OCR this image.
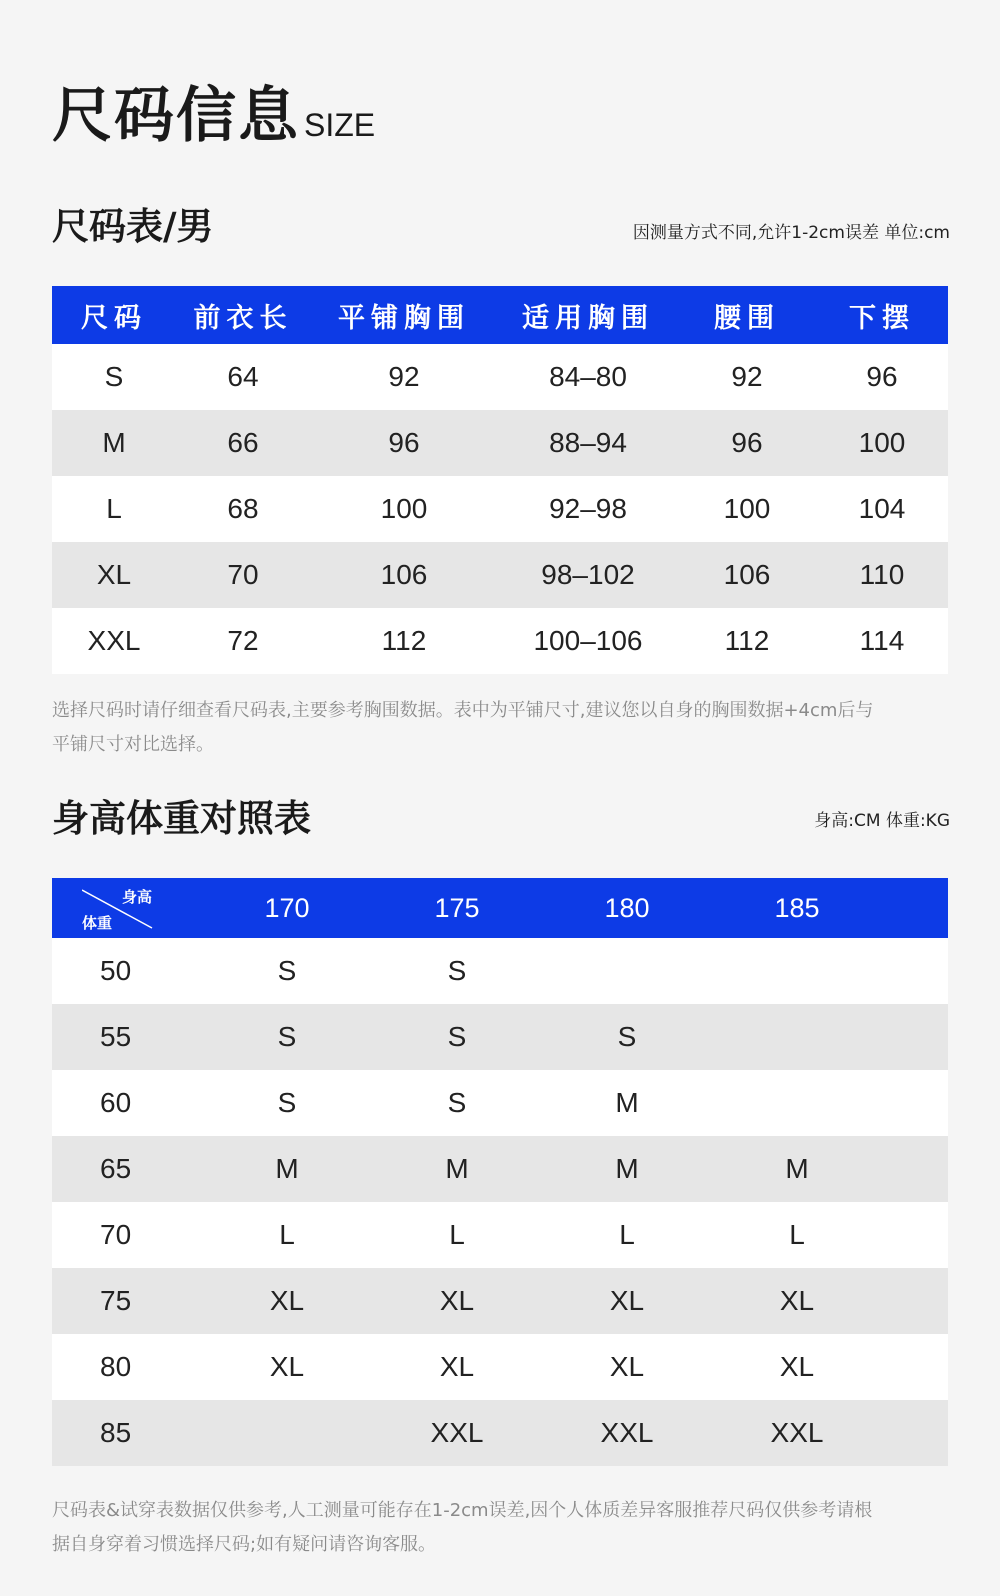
尺码信息 SIZE
尺码表/男	因测量方式不同,允许1-2cm误差 单位:cm
尺码	前衣长	平铺胸围	适用胸围	腰围	下摆
S	64	92	84–80	92	96
M	66	96	88–94	96	100
L	68	100	92–98	100	104
XL	70	106	98–102	106	110
XXL	72	112	100–106	112	114
选择尺码时请仔细查看尺码表,主要参考胸围数据。表中为平铺尺寸,建议您以自身的胸围数据+4cm后与
平铺尺寸对比选择。
身高体重对照表	身高:CM 体重:KG
身高
体重	170	175	180	185	
50	S	S			
55	S	S	S		
60	S	S	M		
65	M	M	M	M	
70	L	L	L	L	
75	XL	XL	XL	XL	
80	XL	XL	XL	XL	
85		XXL	XXL	XXL	
尺码表&试穿表数据仅供参考,人工测量可能存在1-2cm误差,因个人体质差异客服推荐尺码仅供参考请根
据自身穿着习惯选择尺码;如有疑问请咨询客服。
